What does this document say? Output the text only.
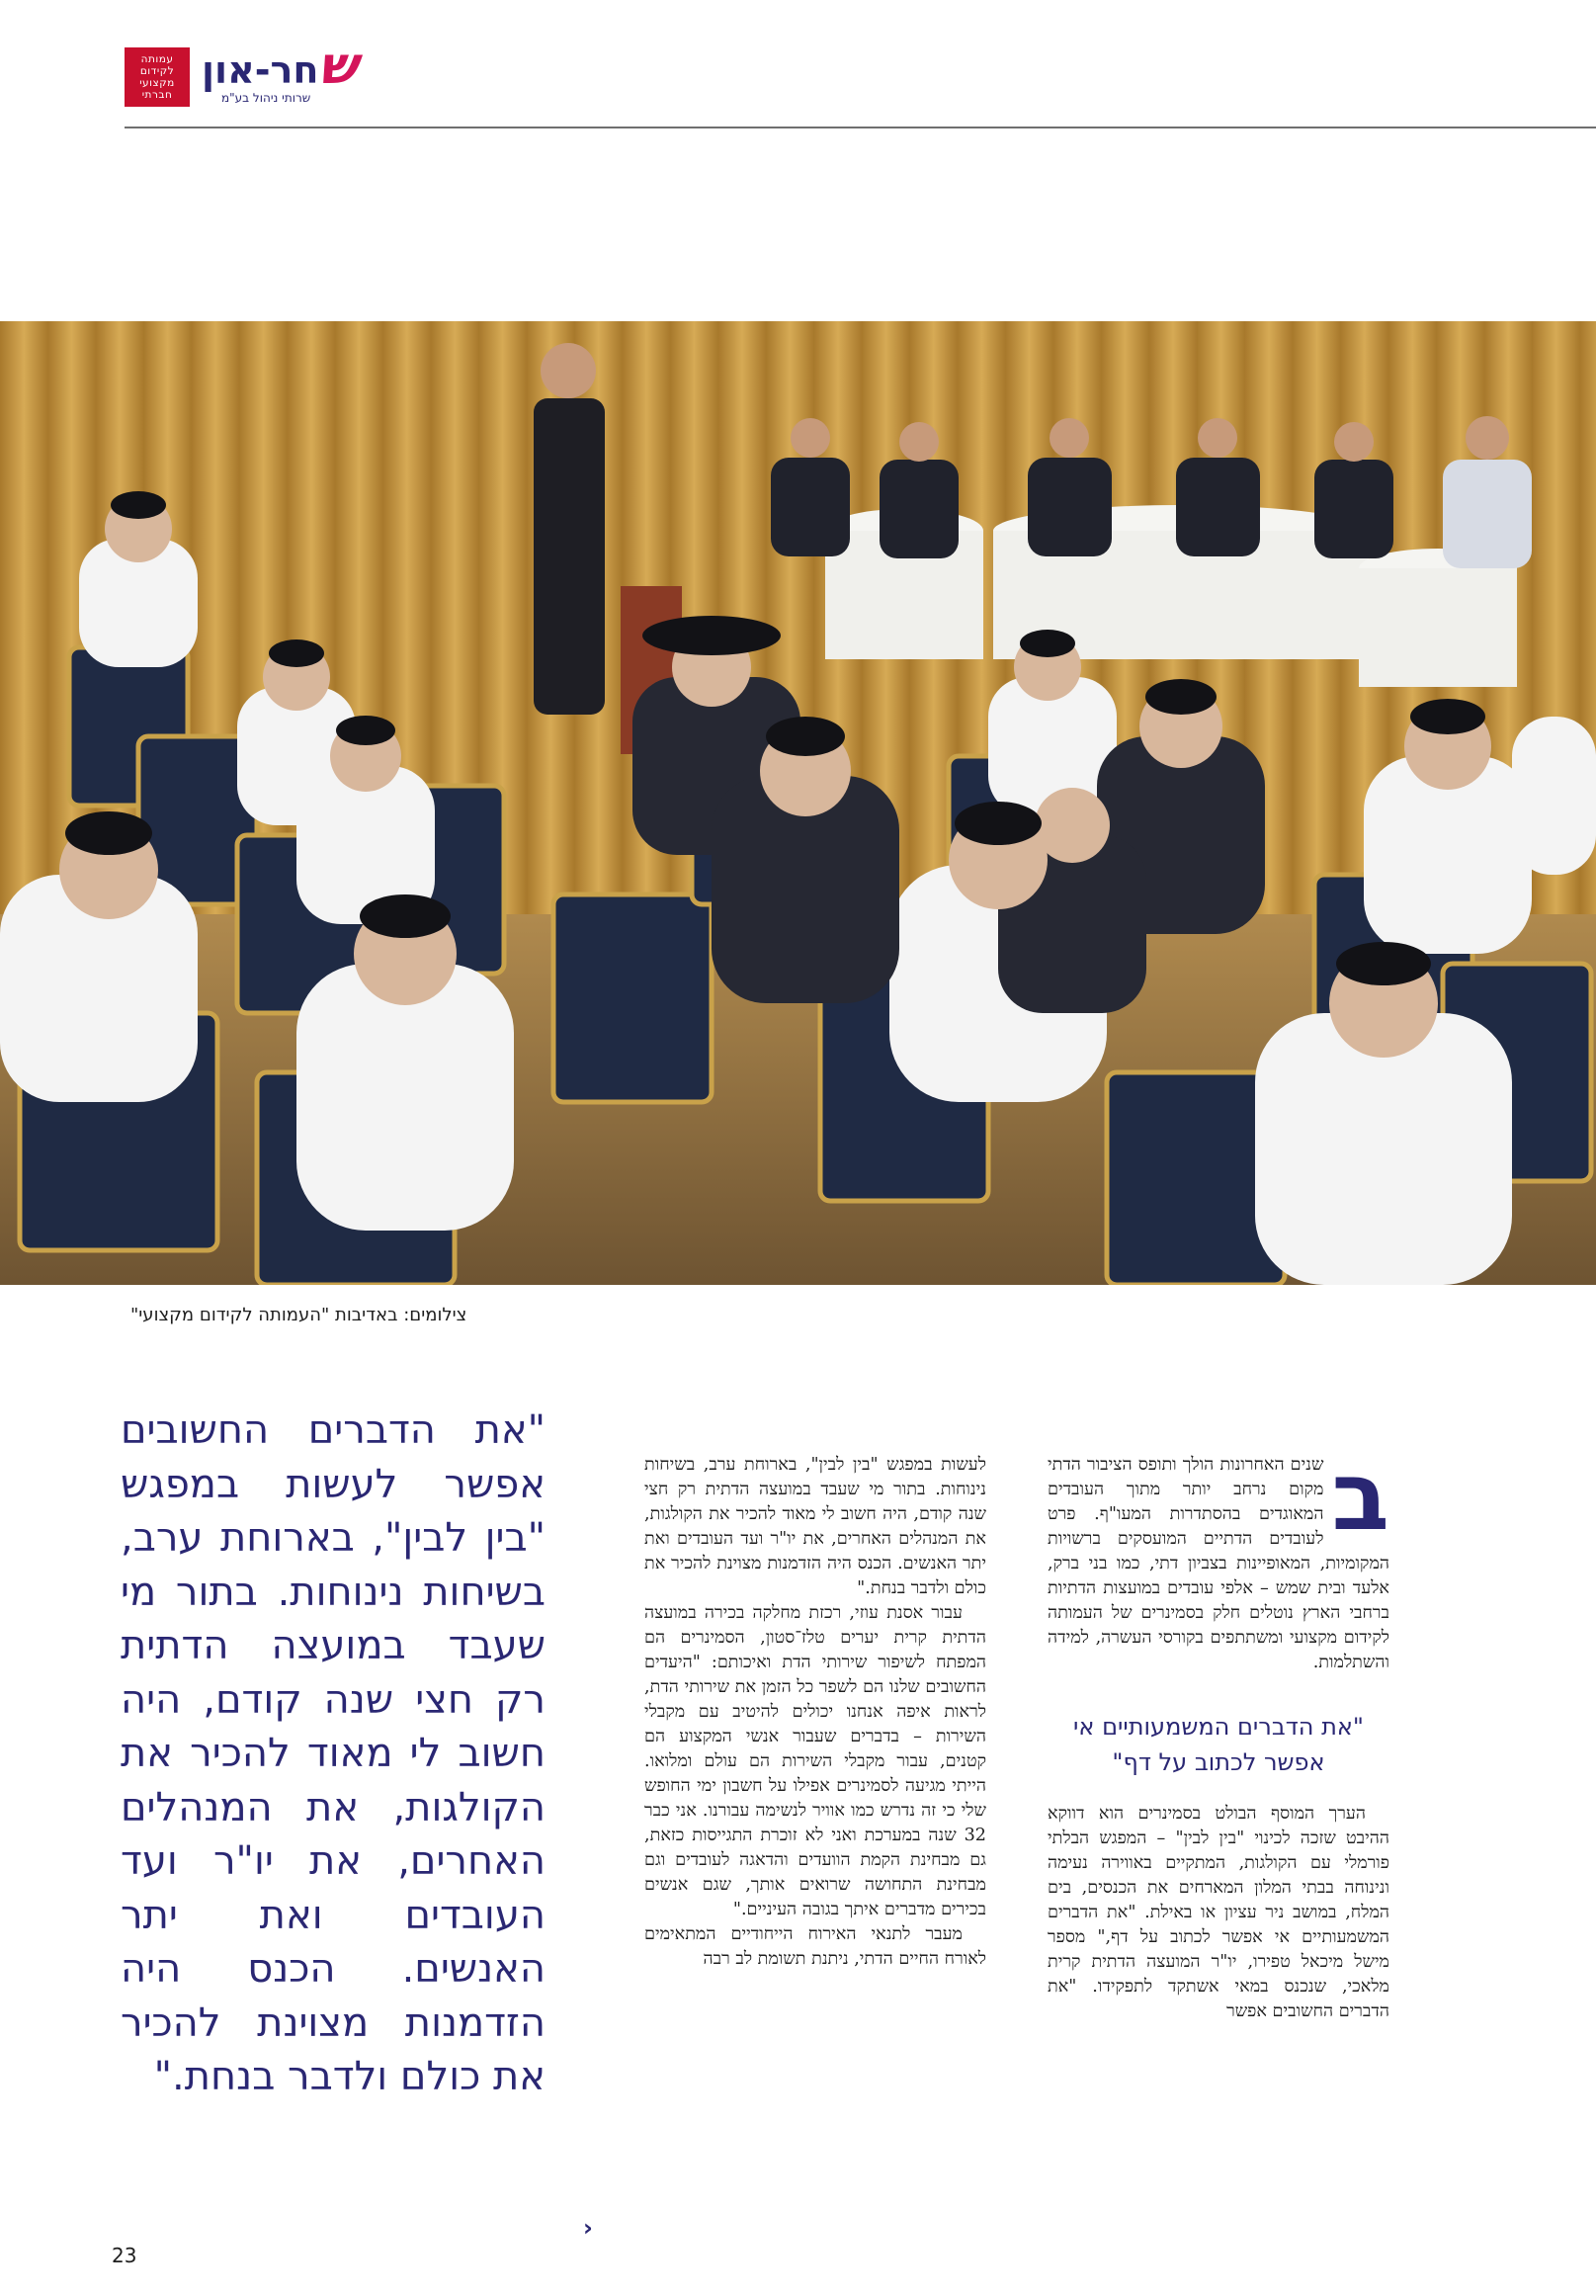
עמותה
לקידום
מקצועי
חברתי	שחר-און
שרותי ניהול בע"מ
צילומים: באדיבות "העמותה לקידום מקצועי"
ב

שנים האחרונות הולך ותופס הציבור הדתי מקום נרחב יותר מתוך העובדים המאוגדים בהסתדרות המעו"ף. פרט לעובדים הדתיים המועסקים ברשויות המקומיות, המאופיינות בצביון דתי, כמו בני ברק, אלעד ובית שמש – אלפי עובדים במועצות הדתיות ברחבי הארץ נוטלים חלק בסמינרים של העמותה לקידום מקצועי ומשתתפים בקורסי העשרה, למידה והשתלמות.

"את הדברים המשמעותיים אי אפשר לכתוב על דף"

הערך המוסף הבולט בסמינרים הוא דווקא ההיבט שזכה לכינוי "בין לבין" – המפגש הבלתי פורמלי עם הקולגות, המתקיים באווירה נעימה ונינוחה בבתי המלון המארחים את הכנסים, בים המלח, במושב ניר עציון או באילת. "את הדברים המשמעותיים אי אפשר לכתוב על דף," מספר מישל מיכאל טפירו, יו"ר המועצה הדתית קרית מלאכי, שנכנס במאי אשתקד לתפקידו. "את הדברים החשובים אפשר

לעשות במפגש "בין לבין", בארוחת ערב, בשיחות נינוחות. בתור מי שעבד במועצה הדתית רק חצי שנה קודם, היה חשוב לי מאוד להכיר את הקולגות, את המנהלים האחרים, את יו"ר ועד העובדים ואת יתר האנשים. הכנס היה הזדמנות מצוינת להכיר את כולם ולדבר בנחת."

עבור אסנת עוזי, רכזת מחלקה בכירה במועצה הדתית קרית יערים טלז־סטון, הסמינרים הם המפתח לשיפור שירותי הדת ואיכותם: "היעדים החשובים שלנו הם לשפר כל הזמן את שירותי הדת, לראות איפה אנחנו יכולים להיטיב עם מקבלי השירות – בדברים שעבור אנשי המקצוע הם קטנים, עבור מקבלי השירות הם עולם ומלואו. הייתי מגיעה לסמינרים אפילו על חשבון ימי החופש שלי כי זה נדרש כמו אוויר לנשימה עבורנו. אני כבר 32 שנה במערכת ואני לא זוכרת התגייסות כזאת, גם מבחינת הקמת הוועדים והדאגה לעובדים וגם מבחינת התחושה שרואים אותך, שגם אנשים בכירים מדברים איתך בגובה העיניים."

מעבר לתנאי האירוח הייחודיים המתאימים לאורח החיים הדתי, ניתנת תשומת לב רבה

‹
"את הדברים החשובים אפשר לעשות במפגש "בין לבין", בארוחת ערב, בשיחות נינוחות. בתור מי שעבד במועצה הדתית רק חצי שנה קודם, היה חשוב לי מאוד להכיר את הקולגות, את המנהלים האחרים, את יו"ר ועד העובדים ואת יתר האנשים. הכנס היה הזדמנות מצוינת להכיר את כולם ולדבר בנחת."
23
